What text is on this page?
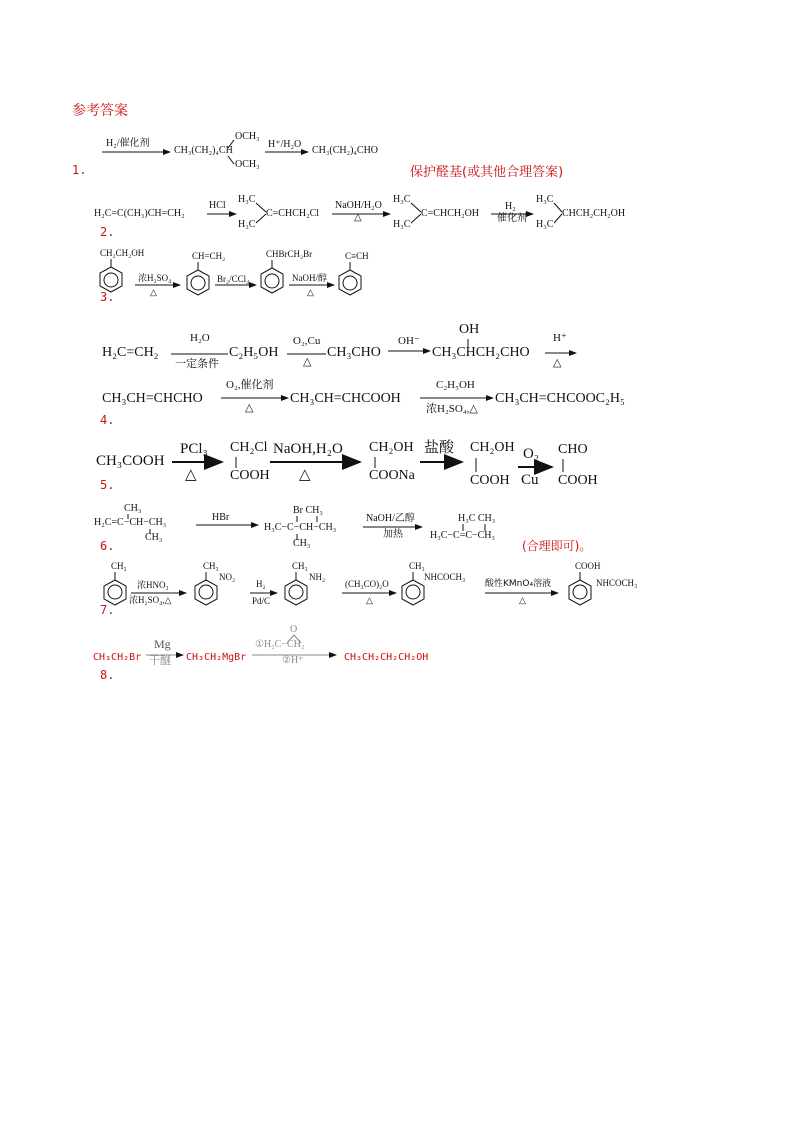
参考答案
1.
H₂/催化剂
OCH₃
CH₃(CH₂)₄CH
OCH₃
H⁺/H₂O
CH₃(CH₂)₄CHO
保护醛基(或其他合理答案)
2.
H₂C=C(CH₃)CH=CH₂
HCl
H₃C
H₃C
C=CHCH₂Cl
NaOH/H₂O
△
H₃C
H₃C
C=CHCH₂OH
H₂
催化剂
H₃C
H₃C
CHCH₂CH₂OH
3.
CH₂CH₂OH
浓H₂SO₄
△
CH=CH₂
Br₂/CCl₄
CHBrCH₂Br
NaOH/醇
△
C≡CH
H₂C=CH₂
H₂O
一定条件
C₂H₅OH
O₂,Cu
△
CH₃CHO
OH⁻
OH
CH₃CHCH₂CHO
H⁺
△
CH₃CH=CHCHO
O₂,催化剂
△
CH₃CH=CHCOOH
C₂H₅OH
浓H₂SO₄,△
CH₃CH=CHCOOC₂H₅
4.
5.
CH₃COOH
PCl₃
△
CH₂Cl
COOH
NaOH,H₂O
△
CH₂OH
COONa
盐酸 CH₂OH
COOH
O₂
Cu
CHO
COOH
6.
CH₃
H₂C=C−CH−CH₃
CH₃
HBr
Br CH₃
H₃C−C−CH−CH₃
CH₃
NaOH/乙醇
加热
H₃C CH₃
H₃C−C=C−CH₃
(合理即可)。
7.
CH₃
浓HNO₃
浓H₂SO₄,△
CH₃
NO₂
H₂
Pd/C
CH₃
NH₂
(CH₃CO)₂O
△
CH₃
NHCOCH₃
酸性KMnO₄溶液
△
COOH
NHCOCH₃
8.
CH₃CH₂Br
Mg
干醚 CH₃CH₂MgBr
O
①H₂C−CH₂
②H⁺	CH₃CH₂CH₂CH₂OH
